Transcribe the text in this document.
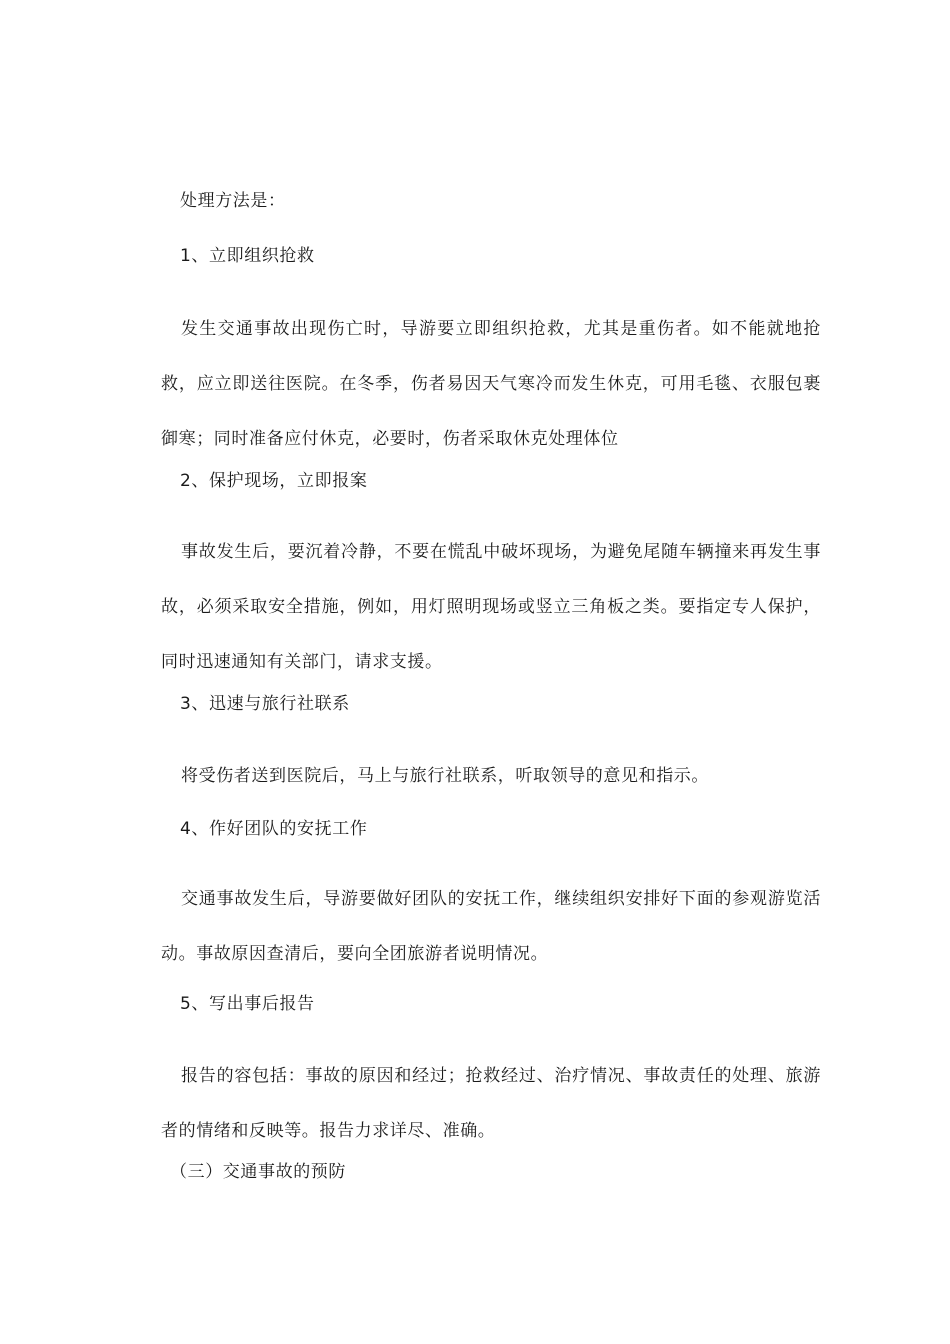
处理方法是：
1、立即组织抢救
发生交通事故出现伤亡时，导游要立即组织抢救，尤其是重伤者。如不能就地抢救，应立即送往医院。在冬季，伤者易因天气寒冷而发生休克，可用毛毯、衣服包裹御寒；同时准备应付休克，必要时，伤者采取休克处理体位
2、保护现场，立即报案
事故发生后，要沉着冷静，不要在慌乱中破坏现场，为避免尾随车辆撞来再发生事故，必须采取安全措施，例如，用灯照明现场或竖立三角板之类。要指定专人保护，同时迅速通知有关部门，请求支援。
3、迅速与旅行社联系
将受伤者送到医院后，马上与旅行社联系，听取领导的意见和指示。
4、作好团队的安抚工作
交通事故发生后，导游要做好团队的安抚工作，继续组织安排好下面的参观游览活动。事故原因查清后，要向全团旅游者说明情况。
5、写出事后报告
报告的容包括：事故的原因和经过；抢救经过、治疗情况、事故责任的处理、旅游者的情绪和反映等。报告力求详尽、准确。
（三）交通事故的预防
